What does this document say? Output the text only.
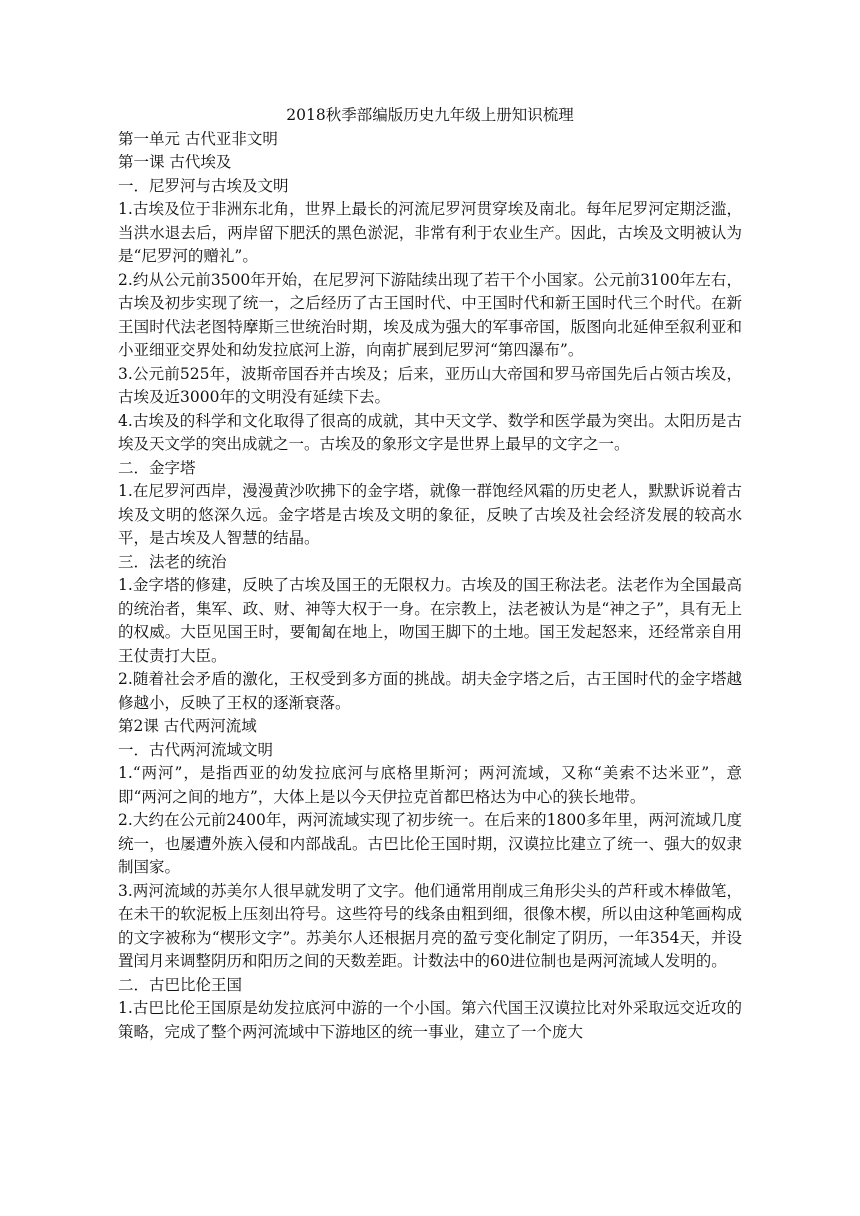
2018秋季部编版历史九年级上册知识梳理

第一单元 古代亚非文明

第一课 古代埃及

一．尼罗河与古埃及文明

1.古埃及位于非洲东北角，世界上最长的河流尼罗河贯穿埃及南北。每年尼罗河定期泛滥，当洪水退去后，两岸留下肥沃的黑色淤泥，非常有利于农业生产。因此，古埃及文明被认为是“尼罗河的赠礼”。

2.约从公元前3500年开始，在尼罗河下游陆续出现了若干个小国家。公元前3100年左右，古埃及初步实现了统一，之后经历了古王国时代、中王国时代和新王国时代三个时代。在新王国时代法老图特摩斯三世统治时期，埃及成为强大的军事帝国，版图向北延伸至叙利亚和小亚细亚交界处和幼发拉底河上游，向南扩展到尼罗河“第四瀑布”。

3.公元前525年，波斯帝国吞并古埃及；后来，亚历山大帝国和罗马帝国先后占领古埃及，古埃及近3000年的文明没有延续下去。

4.古埃及的科学和文化取得了很高的成就，其中天文学、数学和医学最为突出。太阳历是古埃及天文学的突出成就之一。古埃及的象形文字是世界上最早的文字之一。

二．金字塔

1.在尼罗河西岸，漫漫黄沙吹拂下的金字塔，就像一群饱经风霜的历史老人，默默诉说着古埃及文明的悠深久远。金字塔是古埃及文明的象征，反映了古埃及社会经济发展的较高水平，是古埃及人智慧的结晶。

三．法老的统治

1.金字塔的修建，反映了古埃及国王的无限权力。古埃及的国王称法老。法老作为全国最高的统治者，集军、政、财、神等大权于一身。在宗教上，法老被认为是“神之子”，具有无上的权威。大臣见国王时，要匍匐在地上，吻国王脚下的土地。国王发起怒来，还经常亲自用王仗责打大臣。

2.随着社会矛盾的激化，王权受到多方面的挑战。胡夫金字塔之后，古王国时代的金字塔越修越小，反映了王权的逐渐衰落。

第2课 古代两河流域

一．古代两河流域文明

1.“两河”，是指西亚的幼发拉底河与底格里斯河；两河流域，又称“美索不达米亚”，意即“两河之间的地方”，大体上是以今天伊拉克首都巴格达为中心的狭长地带。

2.大约在公元前2400年，两河流域实现了初步统一。在后来的1800多年里，两河流域几度统一，也屡遭外族入侵和内部战乱。古巴比伦王国时期，汉谟拉比建立了统一、强大的奴隶制国家。

3.两河流域的苏美尔人很早就发明了文字。他们通常用削成三角形尖头的芦秆或木棒做笔，在未干的软泥板上压刻出符号。这些符号的线条由粗到细，很像木楔，所以由这种笔画构成的文字被称为“楔形文字”。苏美尔人还根据月亮的盈亏变化制定了阴历，一年354天，并设置闰月来调整阴历和阳历之间的天数差距。计数法中的60进位制也是两河流域人发明的。

二．古巴比伦王国

1.古巴比伦王国原是幼发拉底河中游的一个小国。第六代国王汉谟拉比对外采取远交近攻的策略，完成了整个两河流域中下游地区的统一事业，建立了一个庞大
